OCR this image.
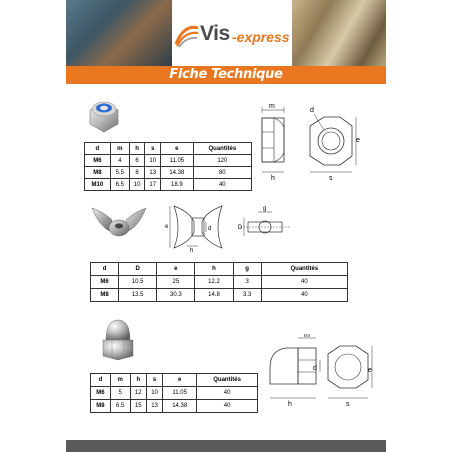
Vis -express
Fiche Technique
d	m	h	s	e	Quantités
M6	4	6	10	11.05	120
M8	5.5	8	13	14.38	80
M10	6.5	10	17	18.9	40
m
h
d
e
s
e
h
d	D
g
d	D	e	h	g	Quantités
M6	10.5	25	12.2	3	40
M8	13.5	30.3	14.8	3.3	40
d	m	h	s	e	Quantités
M6	5	12	10	11.05	40
M8	6.5	15	13	14.38	40
m
d
h
e
s
